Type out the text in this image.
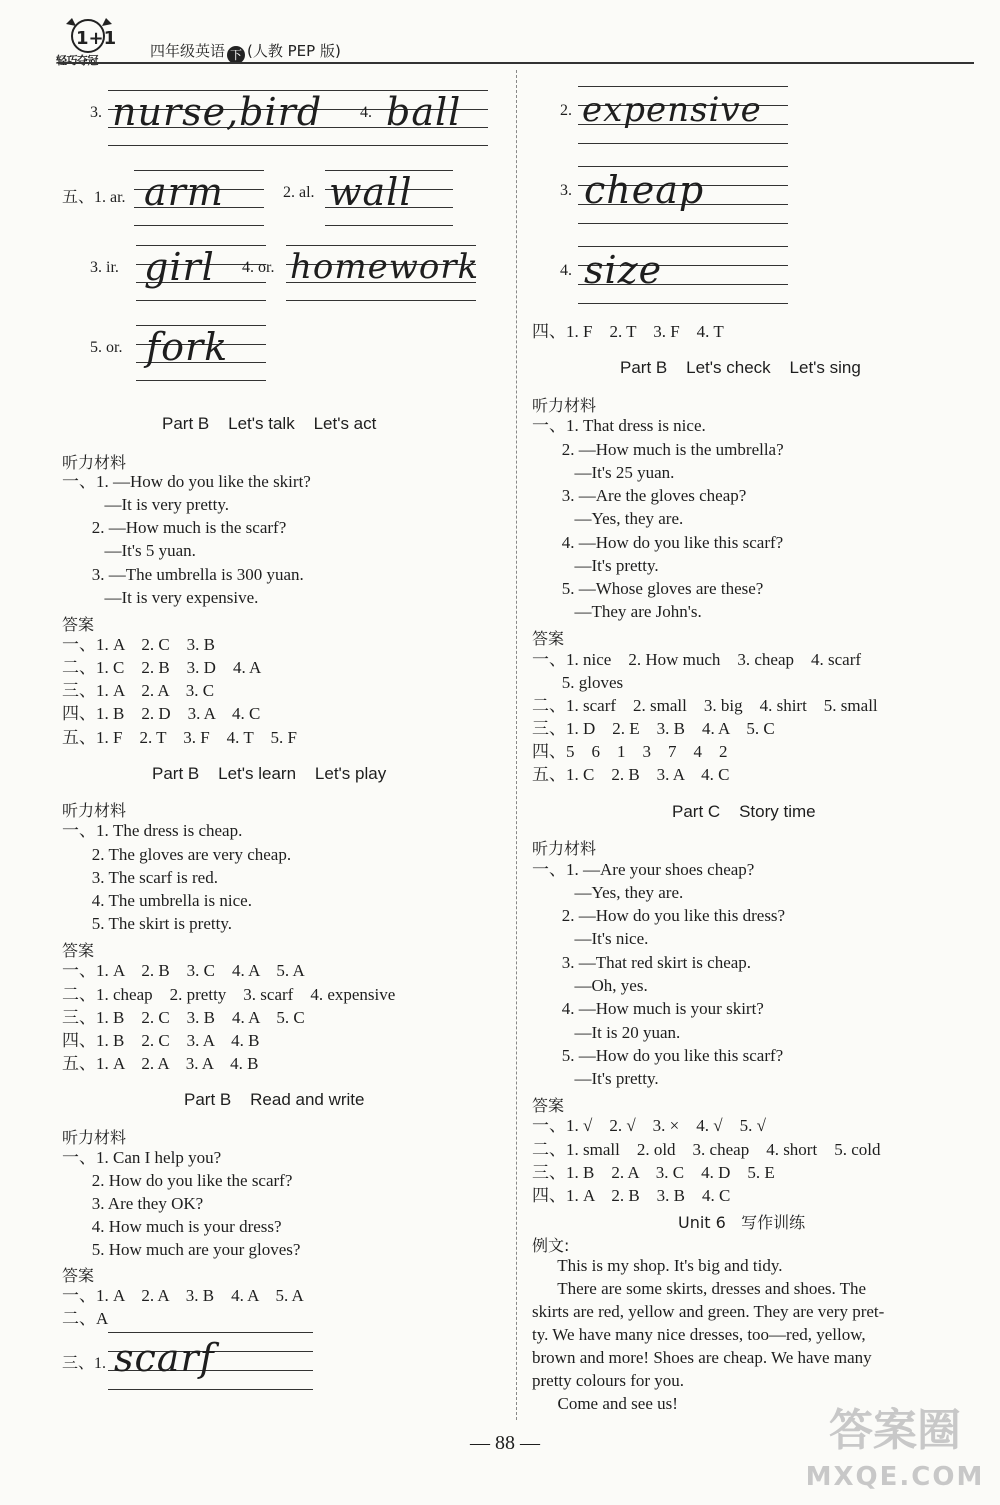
1+1
轻巧夺冠
四年级英语 下 (人教 PEP 版)
3. nurse,bird 4. ball
五、1. ar. arm	2. al. wall
3. ir. girl 4. or. homework
5. or. fork
Part B    Let's talk    Let's act
听力材料
一、1. —How do you like the skirt?
—It is very pretty.
2. —How much is the scarf?
—It's 5 yuan.
3. —The umbrella is 300 yuan.
—It is very expensive.
答案
一、1. A    2. C    3. B
二、1. C    2. B    3. D    4. A
三、1. A    2. A    3. C
四、1. B    2. D    3. A    4. C
五、1. F    2. T    3. F    4. T    5. F
Part B    Let's learn    Let's play
听力材料
一、1. The dress is cheap.
2. The gloves are very cheap.
3. The scarf is red.
4. The umbrella is nice.
5. The skirt is pretty.
答案
一、1. A    2. B    3. C    4. A    5. A
二、1. cheap    2. pretty    3. scarf    4. expensive
三、1. B    2. C    3. B    4. A    5. C
四、1. B    2. C    3. A    4. B
五、1. A    2. A    3. A    4. B
Part B    Read and write
听力材料
一、1. Can I help you?
2. How do you like the scarf?
3. Are they OK?
4. How much is your dress?
5. How much are your gloves?
答案
一、1. A    2. A    3. B    4. A    5. A
二、A
三、1. scarf
2. expensive
3. cheap
4. size
四、1. F    2. T    3. F    4. T
Part B    Let's check    Let's sing
听力材料
一、1. That dress is nice.
2. —How much is the umbrella?
—It's 25 yuan.
3. —Are the gloves cheap?
—Yes, they are.
4. —How do you like this scarf?
—It's pretty.
5. —Whose gloves are these?
—They are John's.
答案
一、1. nice    2. How much    3. cheap    4. scarf
5. gloves
二、1. scarf    2. small    3. big    4. shirt    5. small
三、1. D    2. E    3. B    4. A    5. C
四、5    6    1    3    7    4    2
五、1. C    2. B    3. A    4. C
Part C    Story time
听力材料
一、1. —Are your shoes cheap?
—Yes, they are.
2. —How do you like this dress?
—It's nice.
3. —That red skirt is cheap.
—Oh, yes.
4. —How much is your skirt?
—It is 20 yuan.
5. —How do you like this scarf?
—It's pretty.
答案
一、1. √    2. √    3. ×    4. √    5. √
二、1. small    2. old    3. cheap    4. short    5. cold
三、1. B    2. A    3. C    4. D    5. E
四、1. A    2. B    3. B    4. C
Unit 6   写作训练
例文:
This is my shop. It's big and tidy.
There are some skirts, dresses and shoes. The
skirts are red, yellow and green. They are very pret-
ty. We have many nice dresses, too—red, yellow,
brown and more! Shoes are cheap. We have many
pretty colours for you.
Come and see us!
— 88 —	答案圈
MXQE.COM
